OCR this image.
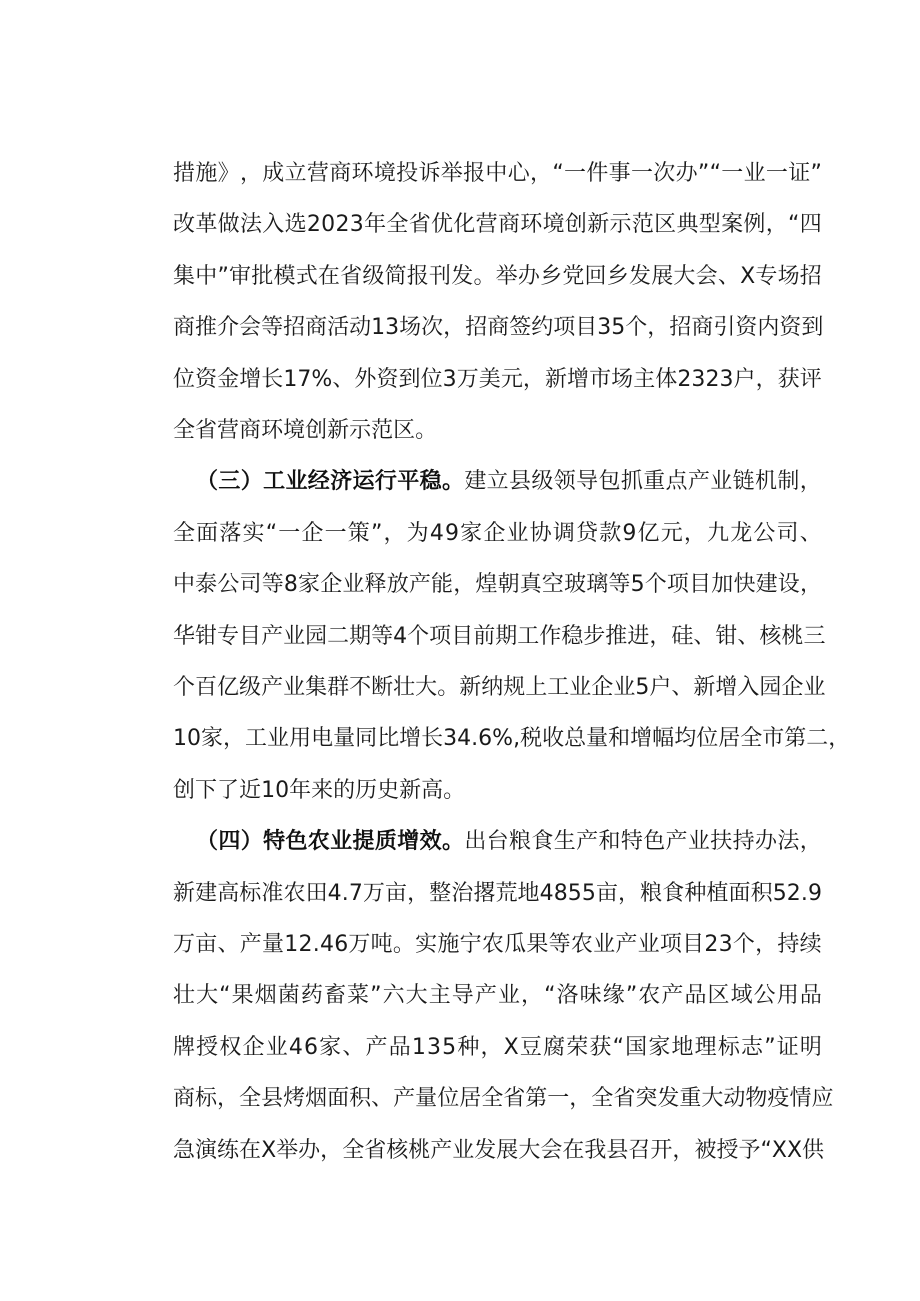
措 施 》 ， 成 立 营 商 环 境 投 诉 举 报 中 心 ， “ 一 件 事 一 次 办 ” “ 一 业 一 证 ”
改 革 做 法 入 选 2 0 2 3 年 全 省 优 化 营 商 环 境 创 新 示 范 区 典 型 案 例 ， “ 四
集 中 ” 审 批 模 式 在 省 级 简 报 刊 发 。 举 办 乡 党 回 乡 发 展 大 会 、 X 专 场 招
商 推 介 会 等 招 商 活 动 1 3 场 次 ， 招 商 签 约 项 目 3 5 个 ， 招 商 引 资 内 资 到
位 资 金 增 长 1 7 % 、 外 资 到 位 3 万 美 元 ， 新 增 市 场 主 体 2 3 2 3 户 ， 获 评
全 省 营 商 环 境 创 新 示 范 区 。
（ 三 ） 工 业 经 济 运 行 平 稳 。 建 立 县 级 领 导 包 抓 重 点 产 业 链 机 制 ，
全 面 落 实 “ 一 企 一 策 ” ， 为 4 9 家 企 业 协 调 贷 款 9 亿 元 ， 九 龙 公 司 、
中 泰 公 司 等 8 家 企 业 释 放 产 能 ， 煌 朝 真 空 玻 璃 等 5 个 项 目 加 快 建 设 ，
华 钳 专 目 产 业 园 二 期 等 4 个 项 目 前 期 工 作 稳 步 推 进 ， 硅 、 钳 、 核 桃 三
个 百 亿 级 产 业 集 群 不 断 壮 大 。 新 纳 规 上 工 业 企 业 5 户 、 新 增 入 园 企 业
1 0 家 ， 工 业 用 电 量 同 比 增 长 3 4 . 6 % , 税 收 总 量 和 增 幅 均 位 居 全 市 第 二 ，
创 下 了 近 1 0 年 来 的 历 史 新 高 。
（ 四 ） 特 色 农 业 提 质 增 效 。 出 台 粮 食 生 产 和 特 色 产 业 扶 持 办 法 ，
新 建 高 标 准 农 田 4 . 7 万 亩 ， 整 治 撂 荒 地 4 8 5 5 亩 ， 粮 食 种 植 面 积 5 2 . 9
万 亩 、 产 量 1 2 . 4 6 万 吨 。 实 施 宁 农 瓜 果 等 农 业 产 业 项 目 2 3 个 ， 持 续
壮 大 “ 果 烟 菌 药 畜 菜 ” 六 大 主 导 产 业 ， “ 洛 味 缘 ” 农 产 品 区 域 公 用 品
牌 授 权 企 业 4 6 家 、 产 品 1 3 5 种 ， X 豆 腐 荣 获 “ 国 家 地 理 标 志 ” 证 明
商 标 ， 全 县 烤 烟 面 积 、 产 量 位 居 全 省 第 一 ， 全 省 突 发 重 大 动 物 疫 情 应
急 演 练 在 X 举 办 ， 全 省 核 桃 产 业 发 展 大 会 在 我 县 召 开 ， 被 授 予 “ X X 供
